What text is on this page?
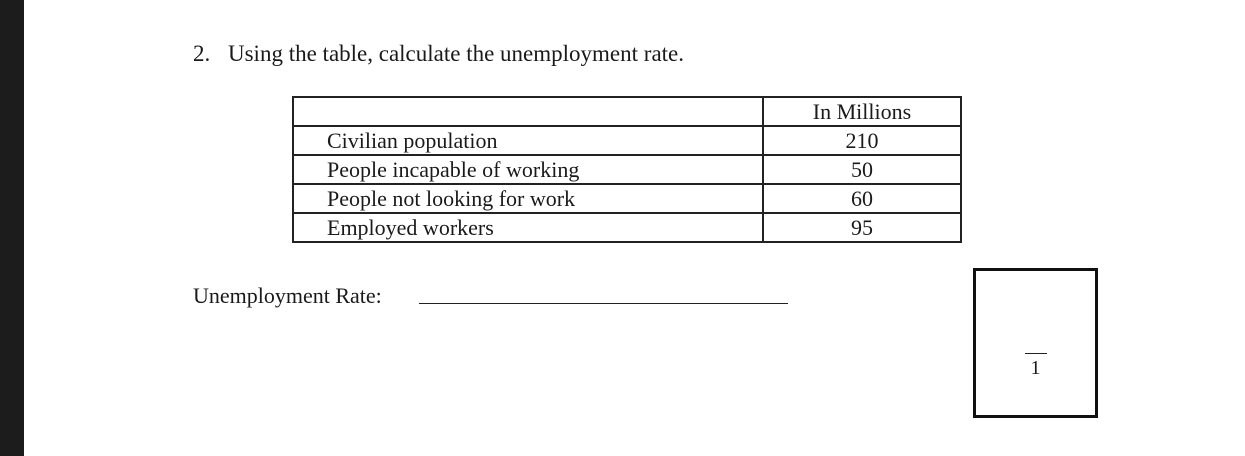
2. Using the table, calculate the unemployment rate.
	In Millions
Civilian population	210
People incapable of working	50
People not looking for work	60
Employed workers	95
Unemployment Rate:
1
